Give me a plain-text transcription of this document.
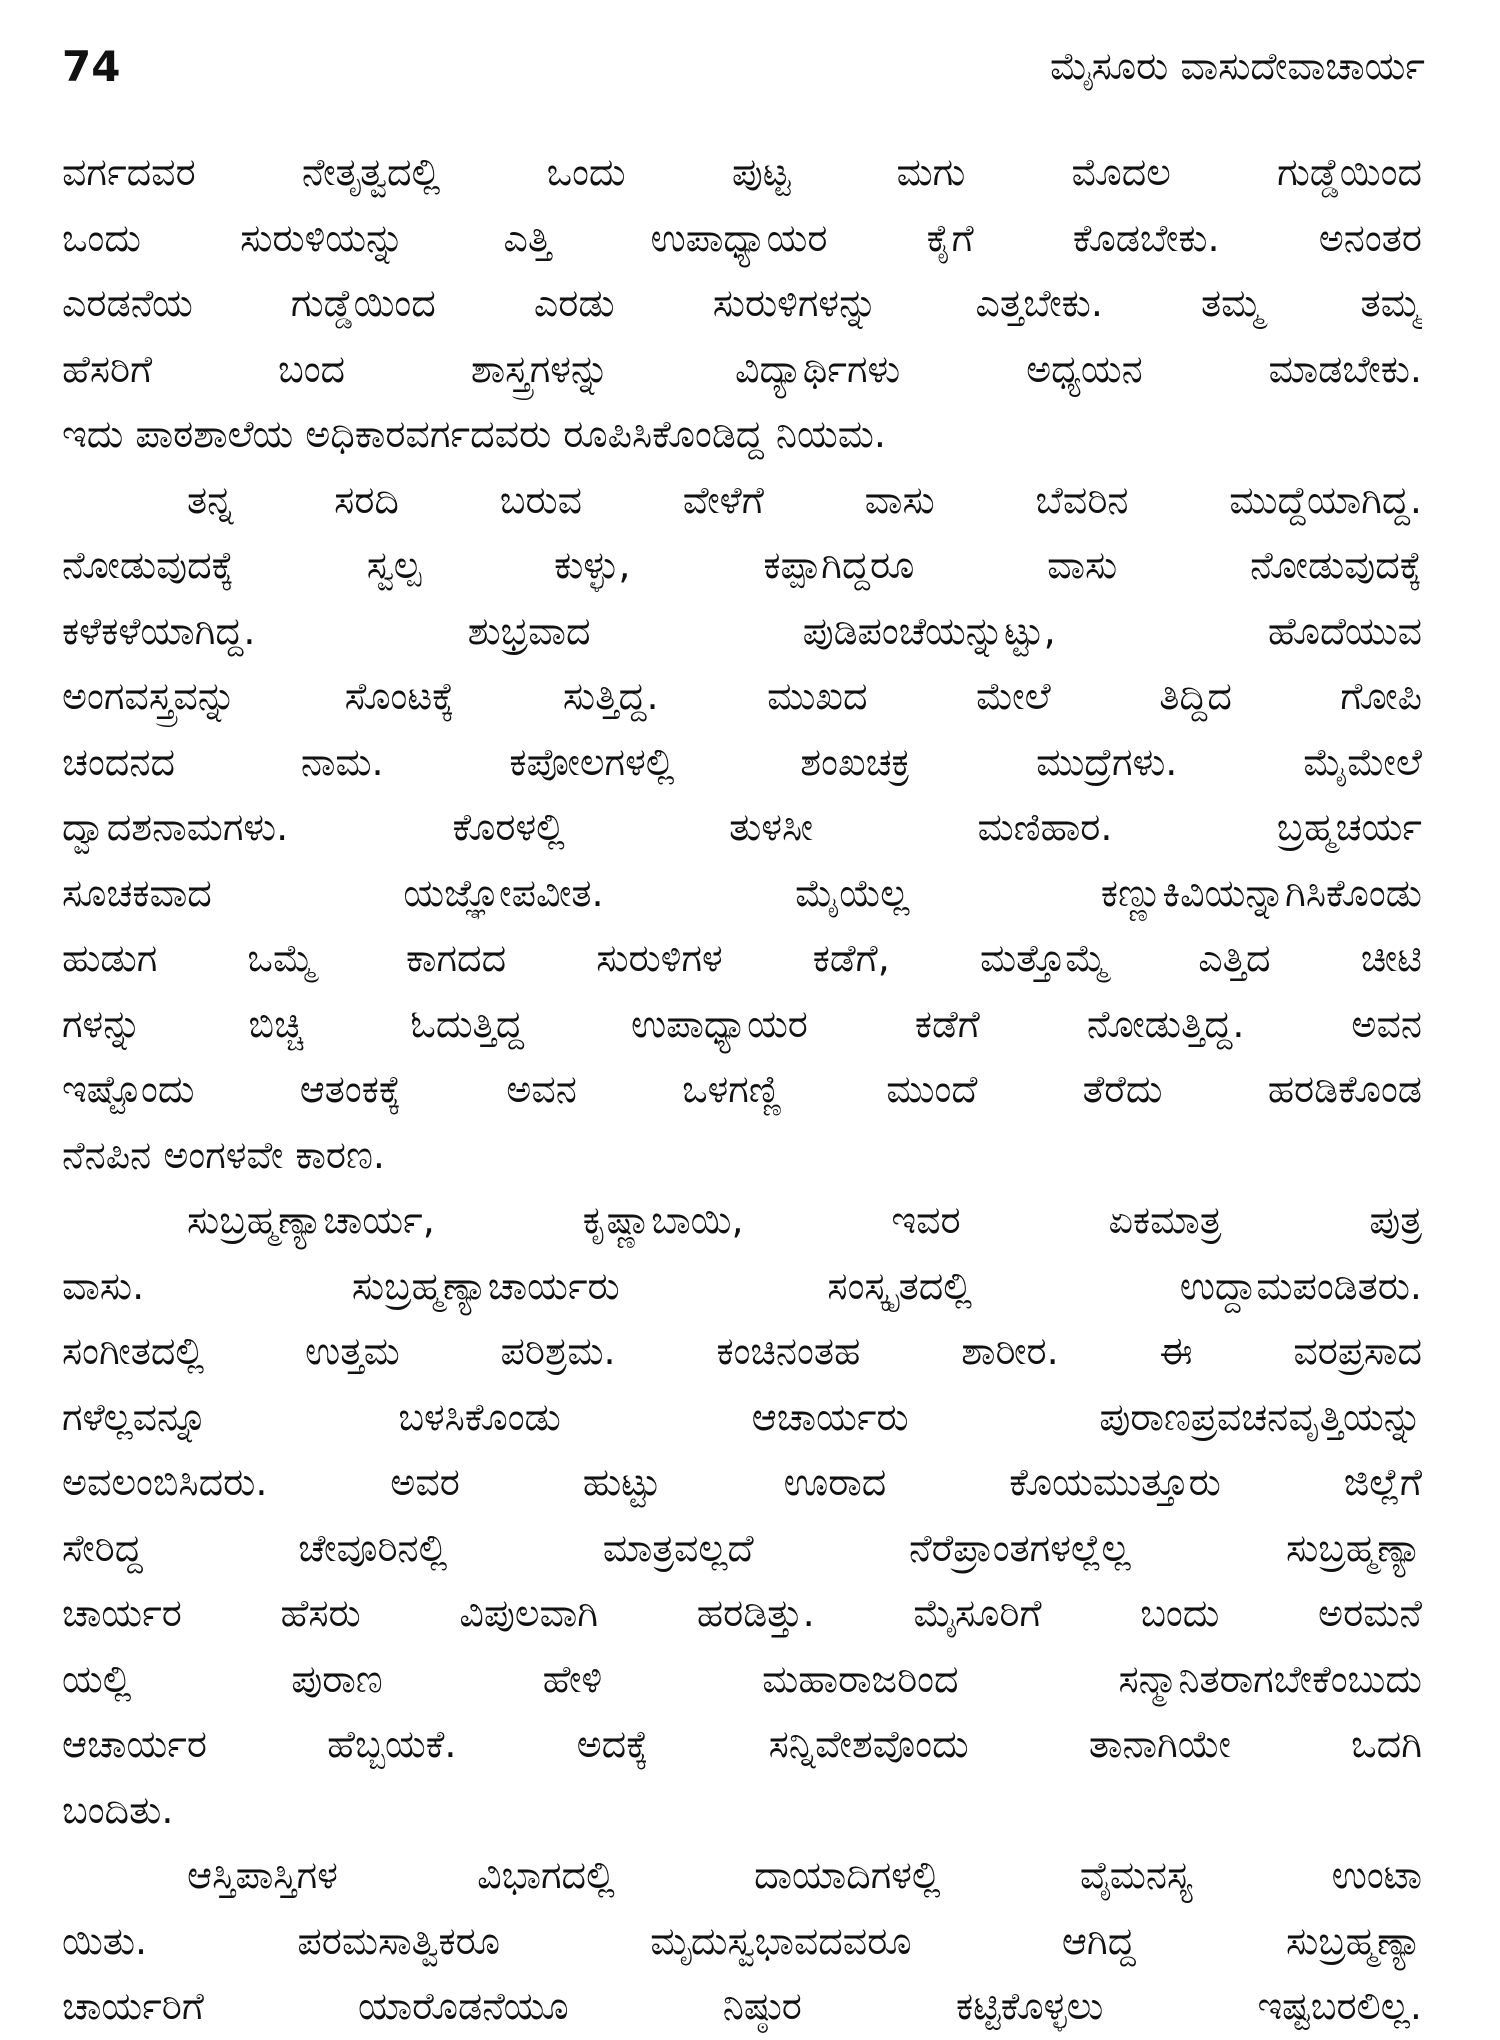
74	ಮೈಸೂರು ವಾಸುದೇವಾಚಾರ್ಯ
ವರ್ಗದವರ ನೇತೃತ್ವದಲ್ಲಿ ಒಂದು ಪುಟ್ಟ ಮಗು ಮೊದಲ ಗುಡ್ಡೆಯಿಂದ
ಒಂದು ಸುರುಳಿಯನ್ನು ಎತ್ತಿ ಉಪಾಧ್ಯಾಯರ ಕೈಗೆ ಕೊಡಬೇಕು. ಅನಂತರ
ಎರಡನೆಯ ಗುಡ್ಡೆಯಿಂದ ಎರಡು ಸುರುಳಿಗಳನ್ನು ಎತ್ತಬೇಕು. ತಮ್ಮ ತಮ್ಮ
ಹೆಸರಿಗೆ ಬಂದ ಶಾಸ್ತ್ರಗಳನ್ನು ವಿದ್ಯಾರ್ಥಿಗಳು ಅಧ್ಯಯನ ಮಾಡಬೇಕು.
ಇದು ಪಾಠಶಾಲೆಯ ಅಧಿಕಾರವರ್ಗದವರು ರೂಪಿಸಿಕೊಂಡಿದ್ದ ನಿಯಮ.
ತನ್ನ ಸರದಿ ಬರುವ ವೇಳೆಗೆ ವಾಸು ಬೆವರಿನ ಮುದ್ದೆಯಾಗಿದ್ದ.
ನೋಡುವುದಕ್ಕೆ ಸ್ವಲ್ಪ ಕುಳ್ಳು, ಕಪ್ಪಾಗಿದ್ದರೂ ವಾಸು ನೋಡುವುದಕ್ಕೆ
ಕಳೆಕಳೆಯಾಗಿದ್ದ. ಶುಭ್ರವಾದ ಪುಡಿಪಂಚೆಯನ್ನುಟ್ಟು, ಹೊದೆಯುವ
ಅಂಗವಸ್ತ್ರವನ್ನು ಸೊಂಟಕ್ಕೆ ಸುತ್ತಿದ್ದ. ಮುಖದ ಮೇಲೆ ತಿದ್ದಿದ ಗೋಪಿ
ಚಂದನದ ನಾಮ. ಕಪೋಲಗಳಲ್ಲಿ ಶಂಖಚಕ್ರ ಮುದ್ರೆಗಳು. ಮೈಮೇಲೆ
ದ್ವಾದಶನಾಮಗಳು. ಕೊರಳಲ್ಲಿ ತುಳಸೀ ಮಣಿಹಾರ. ಬ್ರಹ್ಮಚರ್ಯ
ಸೂಚಕವಾದ ಯಜ್ಞೋಪವೀತ. ಮೈಯೆಲ್ಲ ಕಣ್ಣುಕಿವಿಯನ್ನಾಗಿಸಿಕೊಂಡು
ಹುಡುಗ ಒಮ್ಮೆ ಕಾಗದದ ಸುರುಳಿಗಳ ಕಡೆಗೆ, ಮತ್ತೊಮ್ಮೆ ಎತ್ತಿದ ಚೀಟಿ
ಗಳನ್ನು ಬಿಚ್ಚಿ ಓದುತ್ತಿದ್ದ ಉಪಾಧ್ಯಾಯರ ಕಡೆಗೆ ನೋಡುತ್ತಿದ್ದ. ಅವನ
ಇಷ್ಟೊಂದು ಆತಂಕಕ್ಕೆ ಅವನ ಒಳಗಣ್ಣಿ ಮುಂದೆ ತೆರೆದು ಹರಡಿಕೊಂಡ
ನೆನಪಿನ ಅಂಗಳವೇ ಕಾರಣ.
ಸುಬ್ರಹ್ಮಣ್ಯಾಚಾರ್ಯ, ಕೃಷ್ಣಾಬಾಯಿ, ಇವರ ಏಕಮಾತ್ರ ಪುತ್ರ
ವಾಸು. ಸುಬ್ರಹ್ಮಣ್ಯಾಚಾರ್ಯರು ಸಂಸ್ಕೃತದಲ್ಲಿ ಉದ್ದಾಮಪಂಡಿತರು.
ಸಂಗೀತದಲ್ಲಿ ಉತ್ತಮ ಪರಿಶ್ರಮ. ಕಂಚಿನಂತಹ ಶಾರೀರ. ಈ ವರಪ್ರಸಾದ
ಗಳೆಲ್ಲವನ್ನೂ ಬಳಸಿಕೊಂಡು ಆಚಾರ್ಯರು ಪುರಾಣಪ್ರವಚನವೃತ್ತಿಯನ್ನು
ಅವಲಂಬಿಸಿದರು. ಅವರ ಹುಟ್ಟು ಊರಾದ ಕೊಯಮುತ್ತೂರು ಜಿಲ್ಲೆಗೆ
ಸೇರಿದ್ದ ಚೇವೂರಿನಲ್ಲಿ ಮಾತ್ರವಲ್ಲದೆ ನೆರೆಪ್ರಾಂತಗಳಲ್ಲೆಲ್ಲ ಸುಬ್ರಹ್ಮಣ್ಯಾ
ಚಾರ್ಯರ ಹೆಸರು ವಿಪುಲವಾಗಿ ಹರಡಿತ್ತು. ಮೈಸೂರಿಗೆ ಬಂದು ಅರಮನೆ
ಯಲ್ಲಿ ಪುರಾಣ ಹೇಳಿ ಮಹಾರಾಜರಿಂದ ಸನ್ಮಾನಿತರಾಗಬೇಕೆಂಬುದು
ಆಚಾರ್ಯರ ಹೆಬ್ಬಯಕೆ. ಅದಕ್ಕೆ ಸನ್ನಿವೇಶವೊಂದು ತಾನಾಗಿಯೇ ಒದಗಿ
ಬಂದಿತು.
ಆಸ್ತಿಪಾಸ್ತಿಗಳ ವಿಭಾಗದಲ್ಲಿ ದಾಯಾದಿಗಳಲ್ಲಿ ವೈಮನಸ್ಯ ಉಂಟಾ
ಯಿತು. ಪರಮಸಾತ್ವಿಕರೂ ಮೃದುಸ್ವಭಾವದವರೂ ಆಗಿದ್ದ ಸುಬ್ರಹ್ಮಣ್ಯಾ
ಚಾರ್ಯರಿಗೆ ಯಾರೊಡನೆಯೂ ನಿಷ್ಠುರ ಕಟ್ಟಿಕೊಳ್ಳಲು ಇಷ್ಟಬರಲಿಲ್ಲ.
